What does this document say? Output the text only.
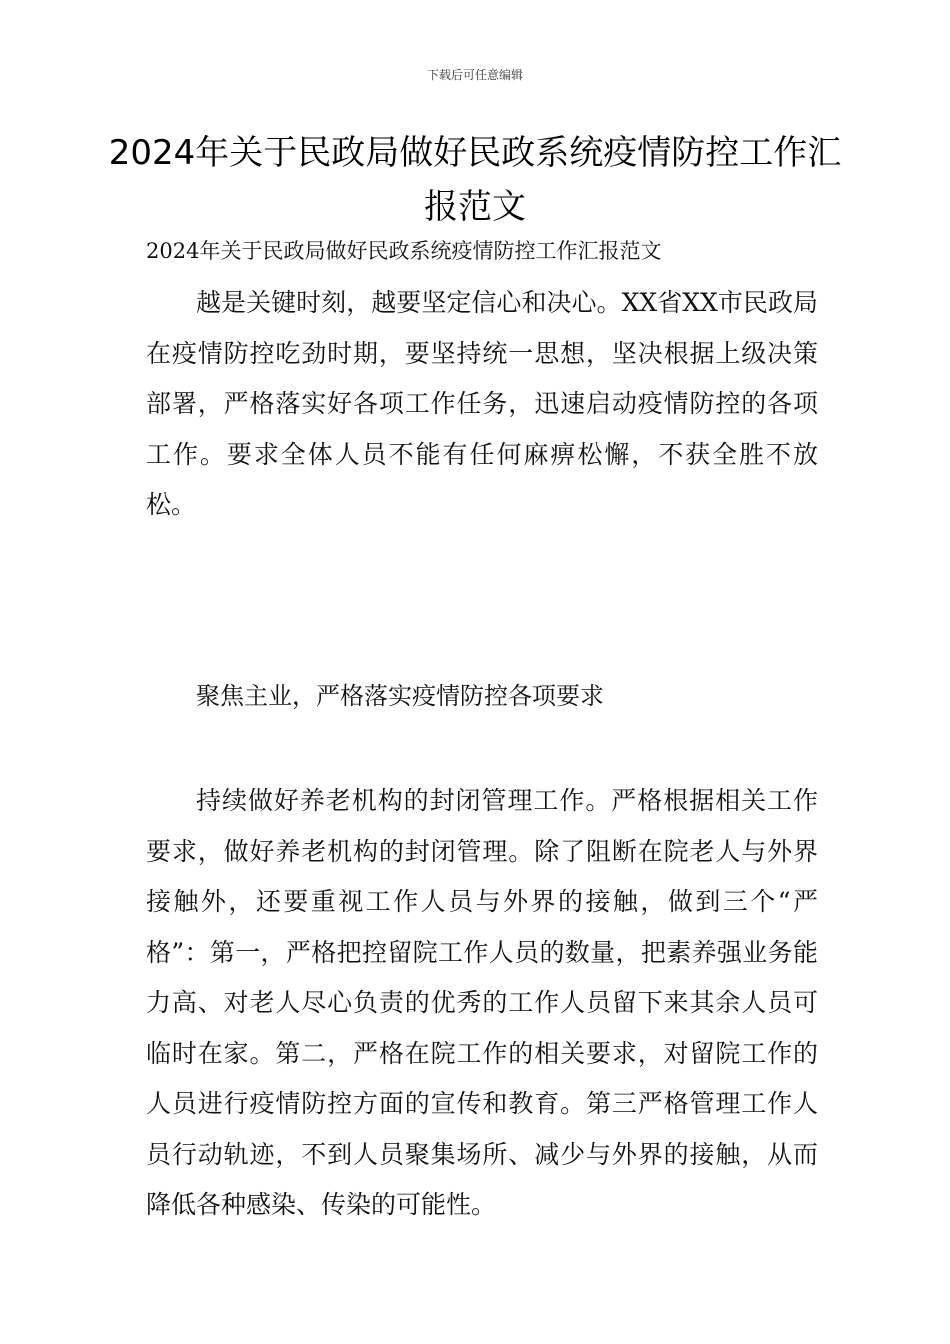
下载后可任意编辑
2024年关于民政局做好民政系统疫情防控工作汇报范文
2024年关于民政局做好民政系统疫情防控工作汇报范文

越是关键时刻，越要坚定信心和决心。XX省XX市民政局在疫情防控吃劲时期，要坚持统一思想，坚决根据上级决策部署，严格落实好各项工作任务，迅速启动疫情防控的各项工作。要求全体人员不能有任何麻痹松懈，不获全胜不放松。

聚焦主业，严格落实疫情防控各项要求

持续做好养老机构的封闭管理工作。严格根据相关工作要求，做好养老机构的封闭管理。除了阻断在院老人与外界接触外，还要重视工作人员与外界的接触，做到三个“严格”：第一，严格把控留院工作人员的数量，把素养强业务能力高、对老人尽心负责的优秀的工作人员留下来其余人员可临时在家。第二，严格在院工作的相关要求，对留院工作的人员进行疫情防控方面的宣传和教育。第三严格管理工作人员行动轨迹，不到人员聚集场所、减少与外界的接触，从而降低各种感染、传染的可能性。
